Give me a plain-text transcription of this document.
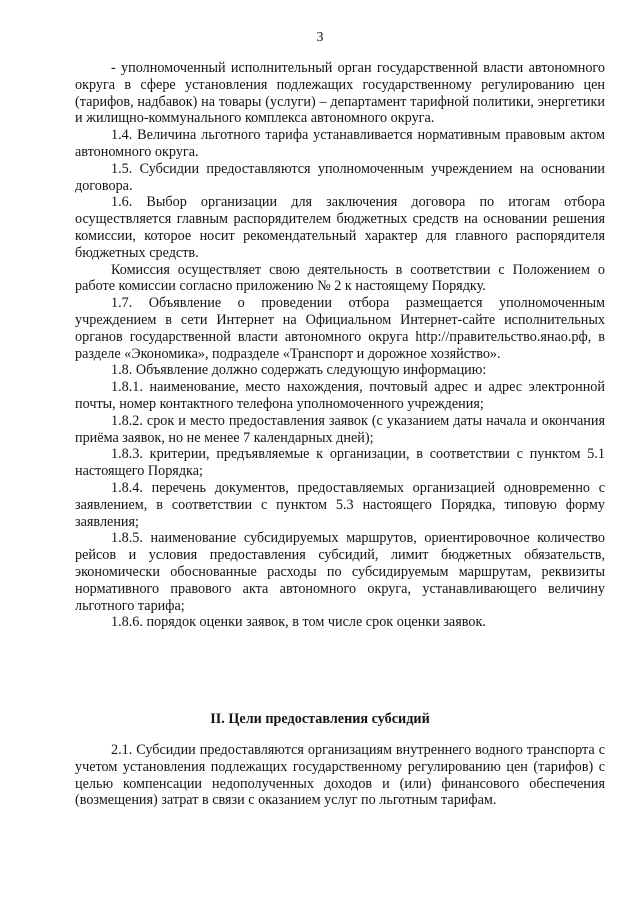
3

- уполномоченный исполнительный орган государственной власти автономного округа в сфере установления подлежащих государственному регулированию цен (тарифов, надбавок) на товары (услуги) – департамент тарифной политики, энергетики и жилищно-коммунального комплекса автономного округа.

1.4. Величина льготного тарифа устанавливается нормативным правовым актом автономного округа.

1.5. Субсидии предоставляются уполномоченным учреждением на основании договора.

1.6. Выбор организации для заключения договора по итогам отбора осуществляется главным распорядителем бюджетных средств на основании решения комиссии, которое носит рекомендательный характер для главного распорядителя бюджетных средств.

Комиссия осуществляет свою деятельность в соответствии с Положением о работе комиссии согласно приложению № 2 к настоящему Порядку.

1.7. Объявление о проведении отбора размещается уполномоченным учреждением в сети Интернет на Официальном Интернет-сайте исполнительных органов государственной власти автономного округа http://правительство.янао.рф, в разделе «Экономика», подразделе «Транспорт и дорожное хозяйство».

1.8. Объявление должно содержать следующую информацию:

1.8.1. наименование, место нахождения, почтовый адрес и адрес электронной почты, номер контактного телефона уполномоченного учреждения;

1.8.2. срок и место предоставления заявок (с указанием даты начала и окончания приёма заявок, но не менее 7 календарных дней);

1.8.3. критерии, предъявляемые к организации, в соответствии с пунктом 5.1 настоящего Порядка;

1.8.4. перечень документов, предоставляемых организацией одновременно с заявлением, в соответствии с пунктом 5.3 настоящего Порядка, типовую форму заявления;

1.8.5. наименование субсидируемых маршрутов, ориентировочное количество рейсов и условия предоставления субсидий, лимит бюджетных обязательств, экономически обоснованные расходы по субсидируемым маршрутам, реквизиты нормативного правового акта автономного округа, устанавливающего величину льготного тарифа;

1.8.6. порядок оценки заявок, в том числе срок оценки заявок.

II. Цели предоставления субсидий

2.1. Субсидии предоставляются организациям внутреннего водного транспорта с учетом установления подлежащих государственному регулированию цен (тарифов) с целью компенсации недополученных доходов и (или) финансового обеспечения (возмещения) затрат в связи с оказанием услуг по льготным тарифам.
